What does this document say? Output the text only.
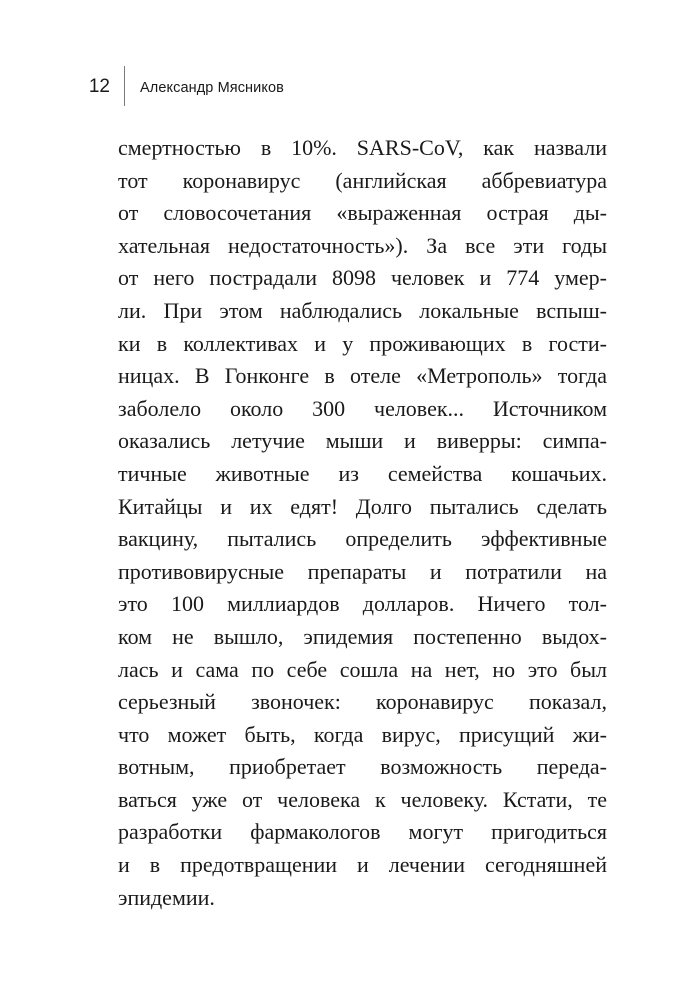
12 Александр Мясников
смертностью в 10%. SARS-CoV, как назвали
тот коронавирус (английская аббревиатура
от словосочетания «выраженная острая ды-
хательная недостаточность»). За все эти годы
от него пострадали 8098 человек и 774 умер-
ли. При этом наблюдались локальные вспыш-
ки в коллективах и у проживающих в гости-
ницах. В Гонконге в отеле «Метрополь» тогда
заболело около 300 человек... Источником
оказались летучие мыши и виверры: симпа-
тичные животные из семейства кошачьих.
Китайцы и их едят! Долго пытались сделать
вакцину, пытались определить эффективные
противовирусные препараты и потратили на
это 100 миллиардов долларов. Ничего тол-
ком не вышло, эпидемия постепенно выдох-
лась и сама по себе сошла на нет, но это был
серьезный звоночек: коронавирус показал,
что может быть, когда вирус, присущий жи-
вотным, приобретает возможность переда-
ваться уже от человека к человеку. Кстати, те
разработки фармакологов могут пригодиться
и в предотвращении и лечении сегодняшней
эпидемии.
